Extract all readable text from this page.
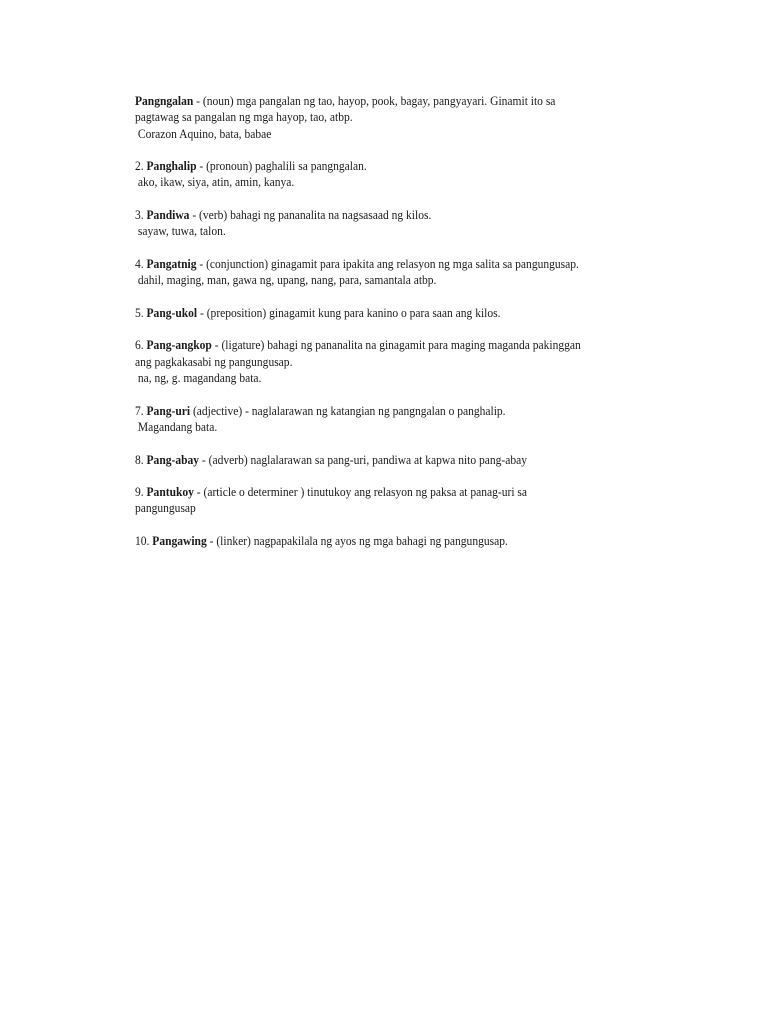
Pangngalan - (noun) mga pangalan ng tao, hayop, pook, bagay, pangyayari. Ginamit ito sa
pagtawag sa pangalan ng mga hayop, tao, atbp.
Corazon Aquino, bata, babae
2. Panghalip - (pronoun) paghalili sa pangngalan.
ako, ikaw, siya, atin, amin, kanya.
3. Pandiwa - (verb) bahagi ng pananalita na nagsasaad ng kilos.
sayaw, tuwa, talon.
4. Pangatnig - (conjunction) ginagamit para ipakita ang relasyon ng mga salita sa pangungusap.
dahil, maging, man, gawa ng, upang, nang, para, samantala atbp.
5. Pang-ukol - (preposition) ginagamit kung para kanino o para saan ang kilos.
6. Pang-angkop - (ligature) bahagi ng pananalita na ginagamit para maging maganda pakinggan
ang pagkakasabi ng pangungusap.
na, ng, g. magandang bata.
7. Pang-uri (adjective) - naglalarawan ng katangian ng pangngalan o panghalip.
Magandang bata.
8. Pang-abay - (adverb) naglalarawan sa pang-uri, pandiwa at kapwa nito pang-abay
9. Pantukoy - (article o determiner ) tinutukoy ang relasyon ng paksa at panag-uri sa
pangungusap
10. Pangawing - (linker) nagpapakilala ng ayos ng mga bahagi ng pangungusap.
